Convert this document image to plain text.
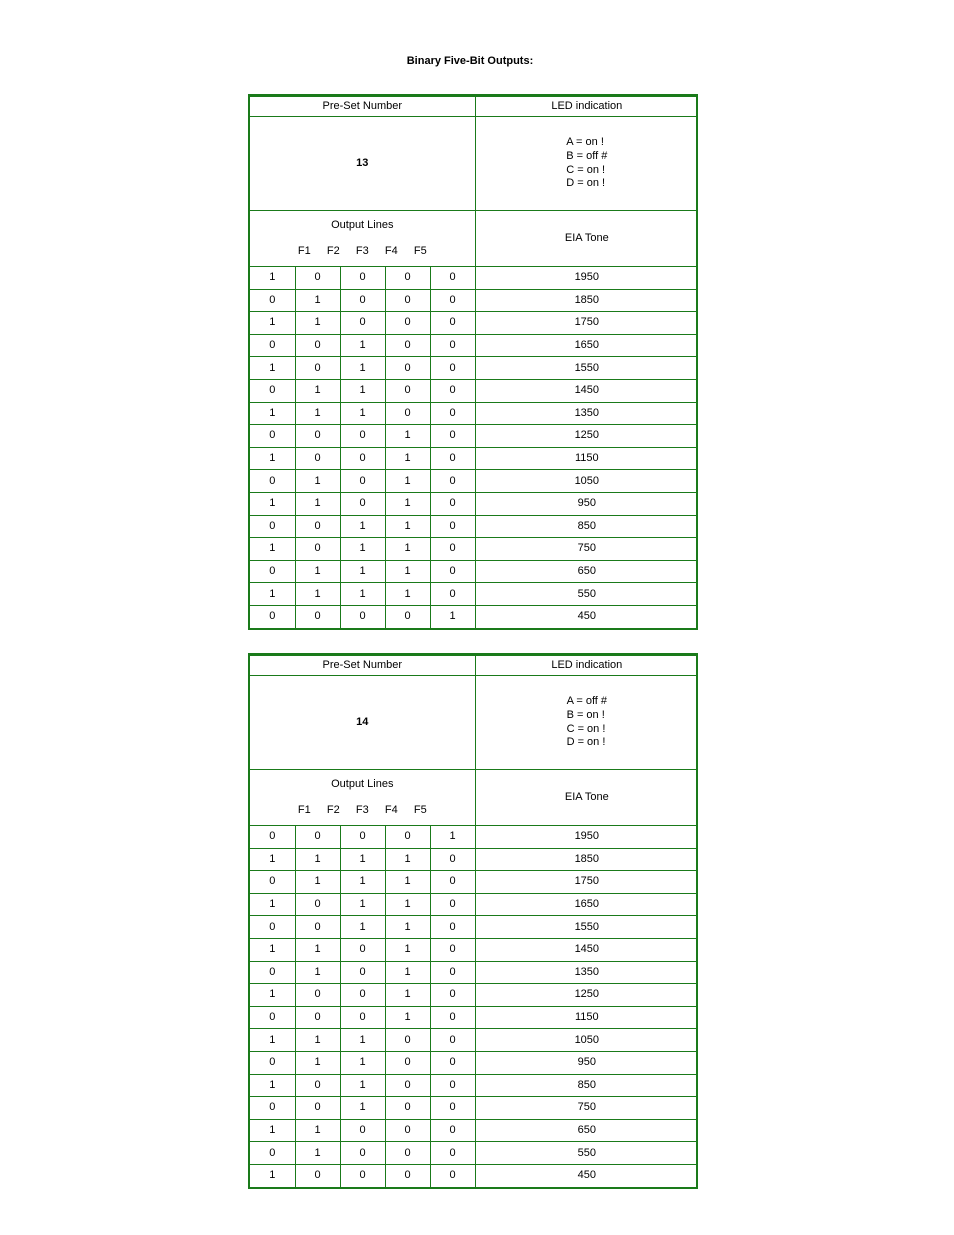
Binary Five-Bit Outputs:
Pre-Set Number					LED indication
13					A = on !
B = off #
C = on !
D = on !

Output Lines
F1 F2 F3 F4 F5					EIA Tone
1	0	0	0	0	1950
0	1	0	0	0	1850
1	1	0	0	0	1750
0	0	1	0	0	1650
1	0	1	0	0	1550
0	1	1	0	0	1450
1	1	1	0	0	1350
0	0	0	1	0	1250
1	0	0	1	0	1150
0	1	0	1	0	1050
1	1	0	1	0	950
0	0	1	1	0	850
1	0	1	1	0	750
0	1	1	1	0	650
1	1	1	1	0	550
0	0	0	0	1	450
Pre-Set Number					LED indication
14					A = off #
B = on !
C = on !
D = on !

Output Lines
F1 F2 F3 F4 F5					EIA Tone
0	0	0	0	1	1950
1	1	1	1	0	1850
0	1	1	1	0	1750
1	0	1	1	0	1650
0	0	1	1	0	1550
1	1	0	1	0	1450
0	1	0	1	0	1350
1	0	0	1	0	1250
0	0	0	1	0	1150
1	1	1	0	0	1050
0	1	1	0	0	950
1	0	1	0	0	850
0	0	1	0	0	750
1	1	0	0	0	650
0	1	0	0	0	550
1	0	0	0	0	450
